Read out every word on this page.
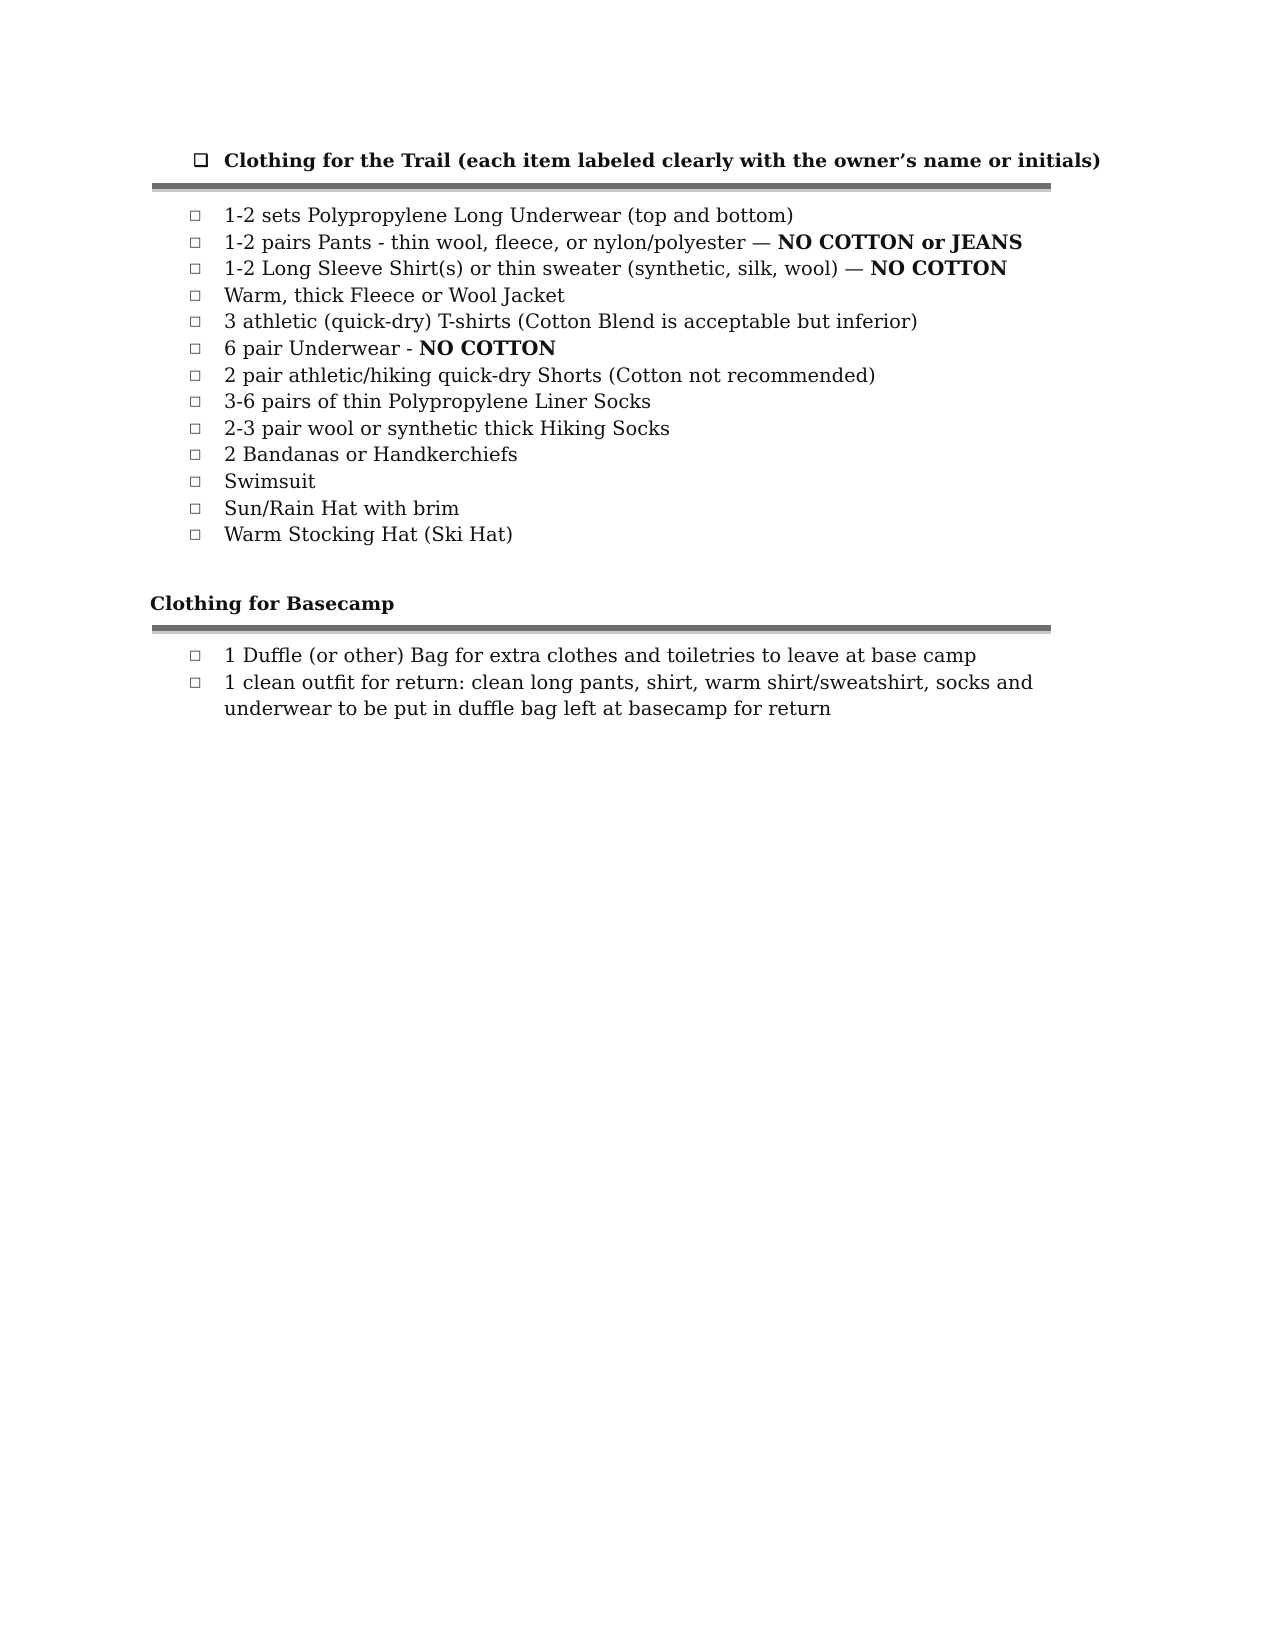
❑ Clothing for the Trail (each item labeled clearly with the owner’s name or initials)
□ 1-2 sets Polypropylene Long Underwear (top and bottom)
□ 1-2 pairs Pants - thin wool, fleece, or nylon/polyester — NO COTTON or JEANS
□ 1-2 Long Sleeve Shirt(s) or thin sweater (synthetic, silk, wool) — NO COTTON
□ Warm, thick Fleece or Wool Jacket
□ 3 athletic (quick-dry) T-shirts (Cotton Blend is acceptable but inferior)
□ 6 pair Underwear - NO COTTON
□ 2 pair athletic/hiking quick-dry Shorts (Cotton not recommended)
□ 3-6 pairs of thin Polypropylene Liner Socks
□ 2-3 pair wool or synthetic thick Hiking Socks
□ 2 Bandanas or Handkerchiefs
□ Swimsuit
□ Sun/Rain Hat with brim
□ Warm Stocking Hat (Ski Hat)
Clothing for Basecamp
□ 1 Duffle (or other) Bag for extra clothes and toiletries to leave at base camp
□ 1 clean outfit for return: clean long pants, shirt, warm shirt/sweatshirt, socks and underwear to be put in duffle bag left at basecamp for return
